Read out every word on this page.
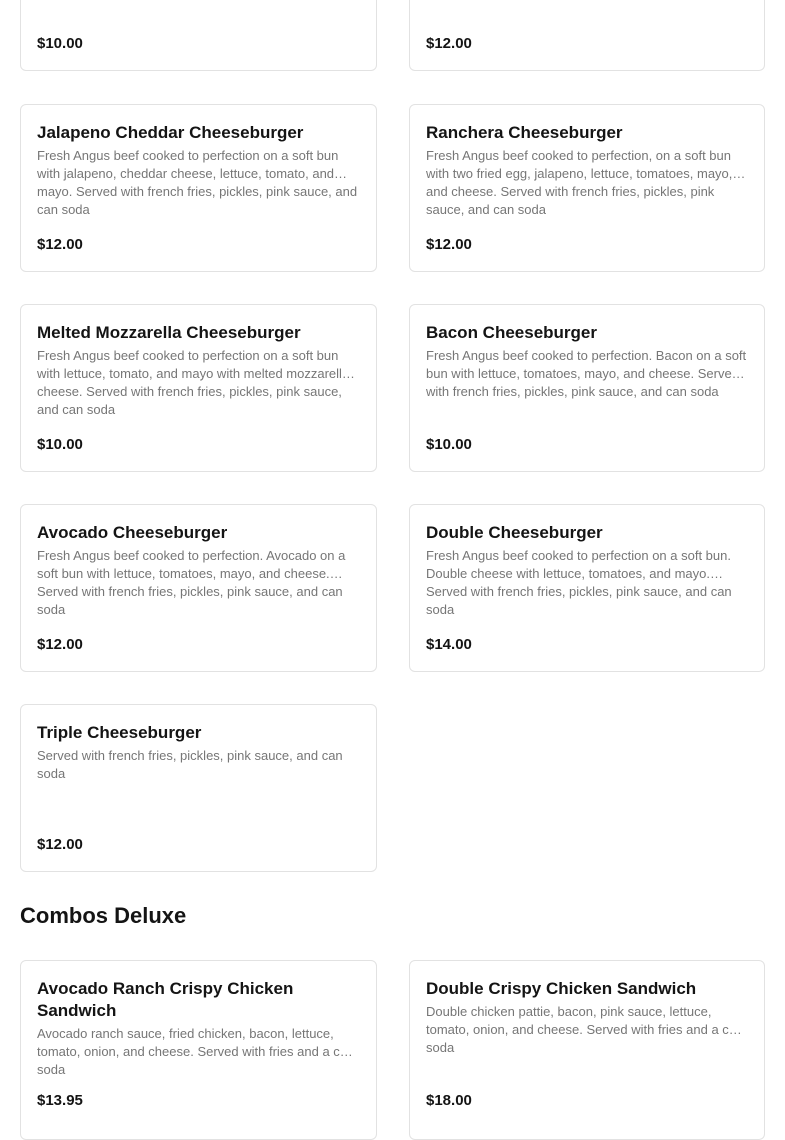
$10.00	$12.00
Jalapeno Cheddar Cheeseburger
Fresh Angus beef cooked to perfection on a soft bun with jalapeno, cheddar cheese, lettuce, tomato, and mayo. Served with french fries, pickles, pink sauce, and can soda
$12.00
Ranchera Cheeseburger
Fresh Angus beef cooked to perfection, on a soft bun with two fried egg, jalapeno, lettuce, tomatoes, mayo, and cheese. Served with french fries, pickles, pink sauce, and can soda
$12.00
Melted Mozzarella Cheeseburger
Fresh Angus beef cooked to perfection on a soft bun with lettuce, tomato, and mayo with melted mozzarella cheese. Served with french fries, pickles, pink sauce, and can soda
$10.00
Bacon Cheeseburger
Fresh Angus beef cooked to perfection. Bacon on a soft bun with lettuce, tomatoes, mayo, and cheese. Served with french fries, pickles, pink sauce, and can soda
$10.00
Avocado Cheeseburger
Fresh Angus beef cooked to perfection. Avocado on a soft bun with lettuce, tomatoes, mayo, and cheese. Served with french fries, pickles, pink sauce, and can soda
$12.00
Double Cheeseburger
Fresh Angus beef cooked to perfection on a soft bun. Double cheese with lettuce, tomatoes, and mayo. Served with french fries, pickles, pink sauce, and can soda
$14.00
Triple Cheeseburger
Served with french fries, pickles, pink sauce, and can soda
$12.00
Combos Deluxe
Avocado Ranch Crispy Chicken Sandwich
Avocado ranch sauce, fried chicken, bacon, lettuce, tomato, onion, and cheese. Served with fries and a can soda
$13.95
Double Crispy Chicken Sandwich
Double chicken pattie, bacon, pink sauce, lettuce, tomato, onion, and cheese. Served with fries and a can soda
$18.00
